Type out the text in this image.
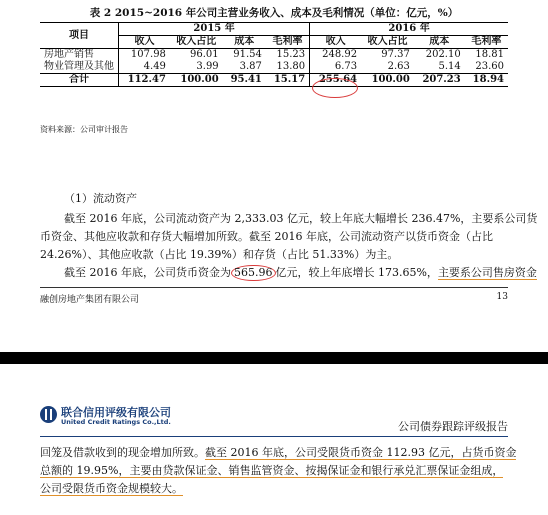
表 2 2015~2016 年公司主营业务收入、成本及毛利情况（单位：亿元，%）
项目	2015 年				2016 年			
	收入	收入占比	成本	毛利率	收入	收入占比	成本	毛利率
房地产销售	107.98	96.01	91.54	15.23	248.92	97.37	202.10	18.81
物业管理及其他	4.49	3.99	3.87	13.80	6.73	2.63	5.14	23.60
合计	112.47	100.00	95.41	15.17	255.64	100.00	207.23	18.94
资料来源：公司审计报告
（1）流动资产
截至 2016 年底，公司流动资产为 2,333.03 亿元，较上年底大幅增长 236.47%，主要系公司货
币资金、其他应收款和存货大幅增加所致。截至 2016 年底，公司流动资产以货币资金（占比
24.26%）、其他应收款（占比 19.39%）和存货（占比 51.33%）为主。
截至 2016 年底，公司货币资金为 565.96 亿元，较上年底增长 173.65%，主要系公司售房资金
融创房地产集团有限公司	13
联合信用评级有限公司
United Credit Ratings Co.,Ltd.	公司债券跟踪评级报告
回笼及借款收到的现金增加所致。截至 2016 年底，公司受限货币资金 112.93 亿元，占货币资金
总额的 19.95%，主要由贷款保证金、销售监管资金、按揭保证金和银行承兑汇票保证金组成，
公司受限货币资金规模较大。
